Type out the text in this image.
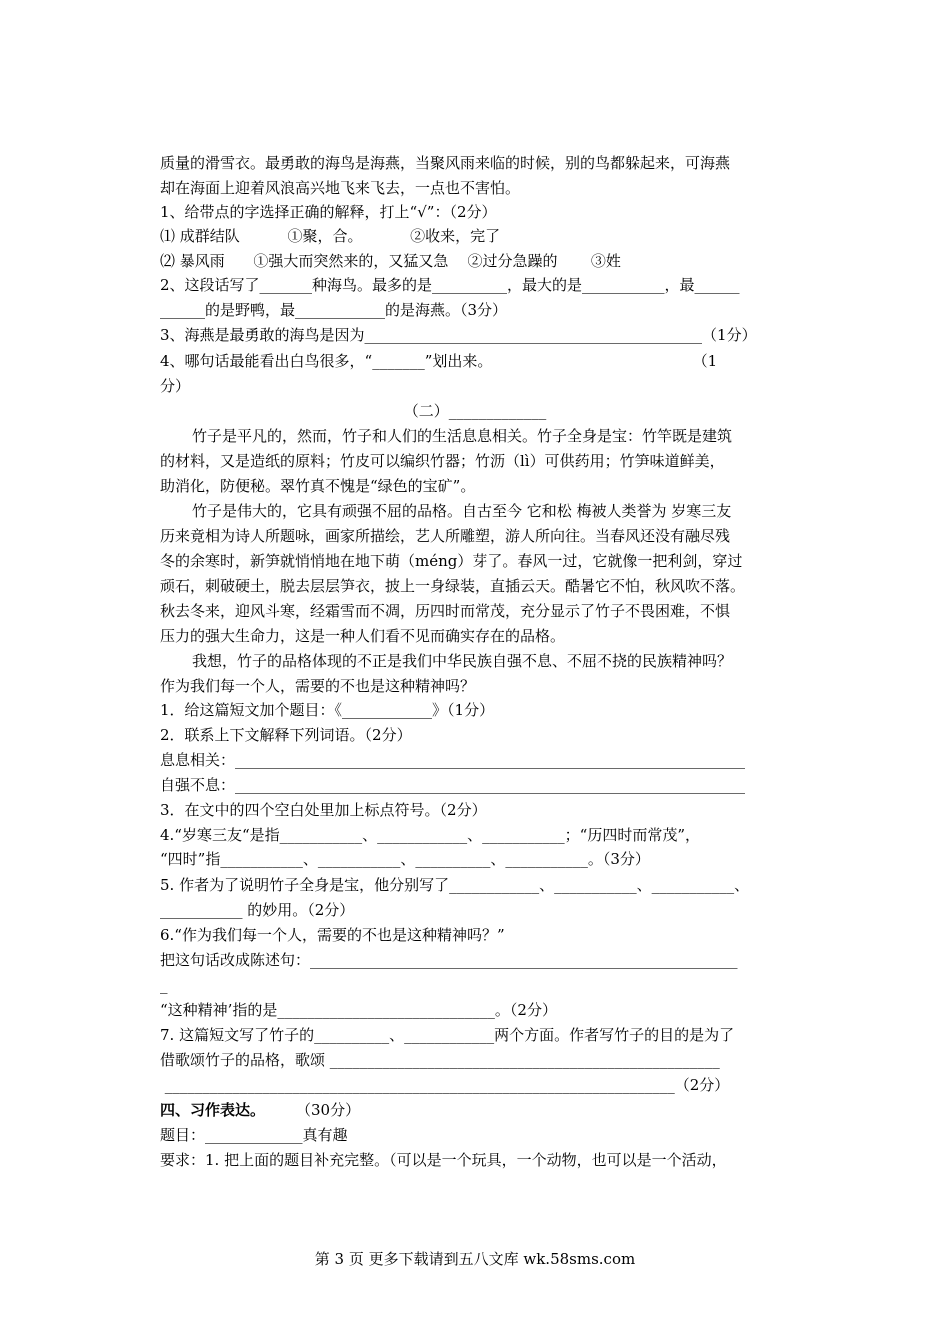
质量的滑雪衣。最勇敢的海鸟是海燕，当聚风雨来临的时候，别的鸟都躲起来，可海燕
却在海面上迎着风浪高兴地飞来飞去，一点也不害怕。
1、给带点的字选择正确的解释，打上“√”：（2分）
⑴ 成群结队          ①聚，合。          ②收来，完了
⑵ 暴风雨      ①强大而突然来的，又猛又急    ②过分急躁的       ③姓
2、这段话写了_______种海鸟。最多的是__________，最大的是___________，最______
______的是野鸭，最____________的是海燕。（3分）
3、海燕是最勇敢的海鸟是因为_____________________________________________（1分）
4、哪句话最能看出白鸟很多，“_______”划出来。                                          （1
分）
（二）_____________
竹子是平凡的，然而，竹子和人们的生活息息相关。竹子全身是宝：竹竿既是建筑
的材料，又是造纸的原料；竹皮可以编织竹器；竹沥（lì）可供药用；竹笋味道鲜美，
助消化，防便秘。翠竹真不愧是“绿色的宝矿”。
竹子是伟大的，它具有顽强不屈的品格。自古至今 它和松 梅被人类誉为 岁寒三友
历来竟相为诗人所题咏，画家所描绘，艺人所雕塑，游人所向往。当春风还没有融尽残
冬的余寒时，新笋就悄悄地在地下萌（méng）芽了。春风一过，它就像一把利剑，穿过
顽石，刺破硬土，脱去层层笋衣，披上一身绿装，直插云天。酷暑它不怕，秋风吹不落。
秋去冬来，迎风斗寒，经霜雪而不凋，历四时而常茂，充分显示了竹子不畏困难，不惧
压力的强大生命力，这是一种人们看不见而确实存在的品格。
我想，竹子的品格体现的不正是我们中华民族自强不息、不屈不挠的民族精神吗？
作为我们每一个人，需要的不也是这种精神吗？
1．给这篇短文加个题目：《____________》（1分）
2．联系上下文解释下列词语。（2分）
息息相关：____________________________________________________________________
自强不息：____________________________________________________________________
3．在文中的四个空白处里加上标点符号。（2分）
4.“岁寒三友“是指___________、____________、___________；“历四时而常茂”，
“四时”指___________、___________、__________、___________。（3分）
5. 作者为了说明竹子全身是宝，他分别写了____________、___________、___________、
___________ 的妙用。（2分）
6.“作为我们每一个人，需要的不也是这种精神吗？”
把这句话改成陈述句：_________________________________________________________
_
“这种精神’指的是_____________________________。（2分）
7. 这篇短文写了竹子的__________、____________两个方面。作者写竹子的目的是为了
借歌颂竹子的品格，歌颂 ____________________________________________________
____________________________________________________________________（2分）
四、习作表达。 （30分）
题目：_____________真有趣
要求：1. 把上面的题目补充完整。（可以是一个玩具，一个动物，也可以是一个活动，
第 3 页 更多下载请到五八文库 wk.58sms.com
